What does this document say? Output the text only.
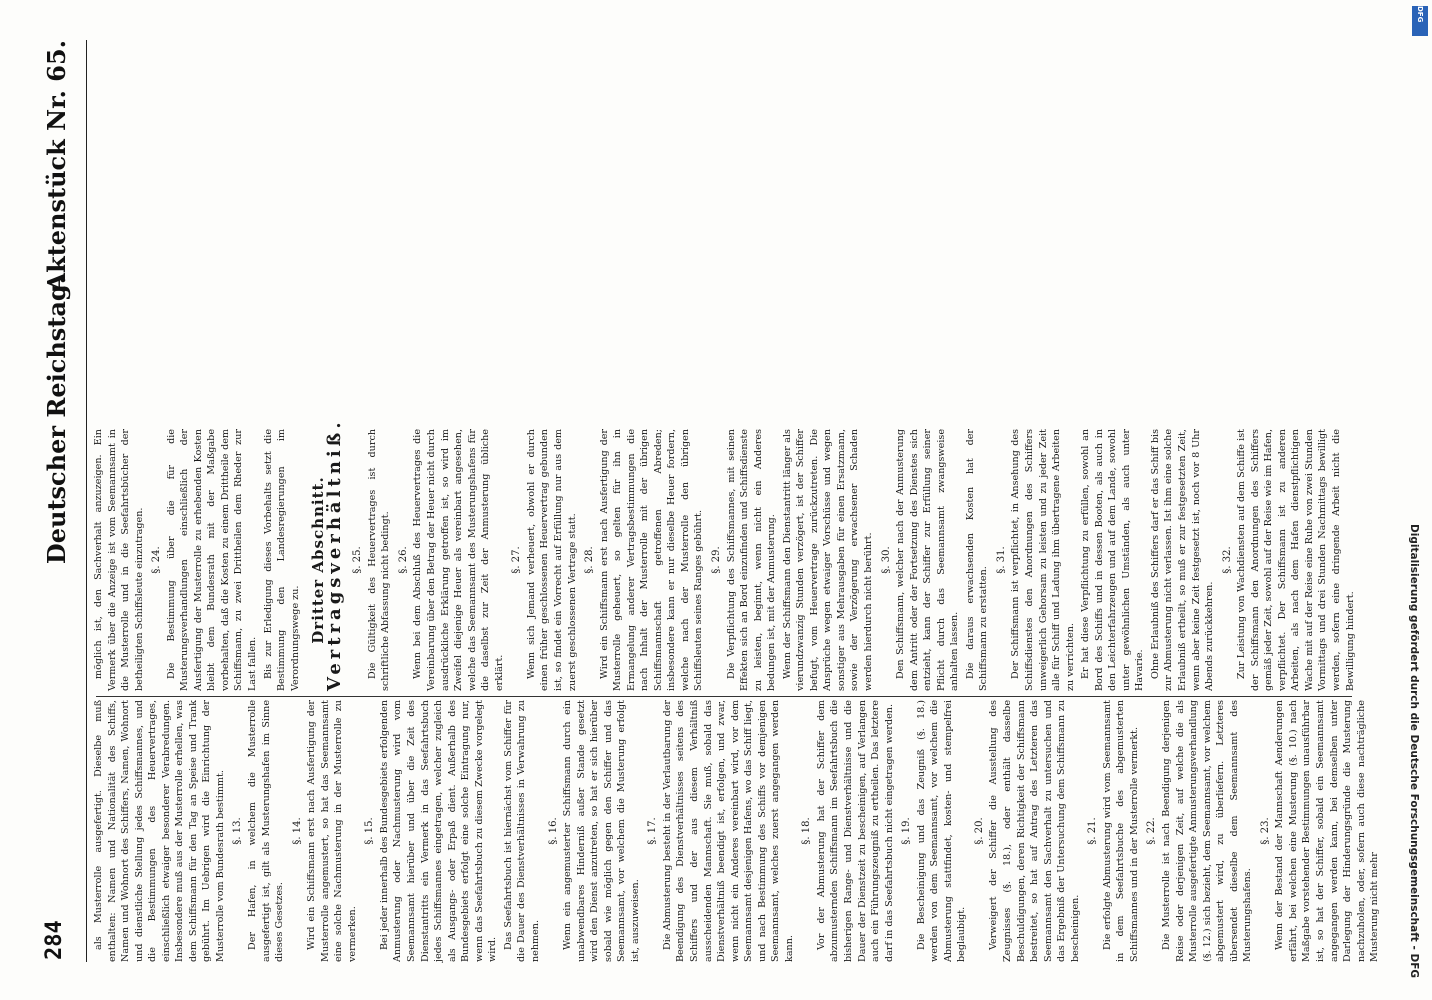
284
Deutscher Reichstag.
Aktenstück Nr. 65.

als Musterrolle ausgefertigt. Dieselbe muß enthalten: Namen und Nationalität des Schiffs, Namen und Wohnort des Schiffers, Namen, Wohnort und dienstliche Stellung jedes Schiffsmannes, und die Bestimmungen des Heuervertrages, einschließlich etwaiger besonderer Verabredungen. Insbesondere muß aus der Musterrolle erhellen, was dem Schiffsmann für den Tag an Speise und Trank gebührt. Im Uebrigen wird die Einrichtung der Musterrolle vom Bundesrath bestimmt. §. 13. Der Hafen, in welchem die Musterrolle ausgefertigt ist, gilt als Musterungshafen im Sinne dieses Gesetzes.

§. 14. Wird ein Schiffsmann erst nach Ausfertigung der Musterrolle angemustert, so hat das Seemannsamt eine solche Nachmusterung in der Musterrolle zu vermerken.

§. 15. Bei jeder innerhalb des Bundesgebiets erfolgenden Anmusterung oder Nachmusterung wird vom Seemannsamt hierüber und über die Zeit des Dienstantritts ein Vermerk in das Seefahrtsbuch jedes Schiffsmannes eingetragen, welcher zugleich als Ausgangs- oder Erpaß dient. Außerhalb des Bundesgebiets erfolgt eine solche Eintragung nur, wenn das Seefahrtsbuch zu diesem Zwecke vorgelegt wird. Das Seefahrtsbuch ist hiernächst vom Schiffer für die Dauer des Dienstverhältnisses in Verwahrung zu nehmen.

§. 16. Wenn ein angemusterter Schiffsmann durch ein unabwendbares Hinderniß außer Stande gesetzt wird den Dienst anzutreten, so hat er sich hierüber sobald wie möglich gegen den Schiffer und das Seemannsamt, vor welchem die Musterung erfolgt ist, auszuweisen.

§. 17. Die Abmusterung besteht in der Verlautbarung der Beendigung des Dienstverhältnisses seitens des Schiffers und der aus diesem Verhältniß ausscheidenden Mannschaft. Sie muß, sobald das Dienstverhältniß beendigt ist, erfolgen, und zwar, wenn nicht ein Anderes vereinbart wird, vor dem Seemannsamt desjenigen Hafens, wo das Schiff liegt, und nach Bestimmung des Schiffs vor demjenigen Seemannsamt, welches zuerst angegangen werden kann.

§. 18. Vor der Abmusterung hat der Schiffer dem abzumusternden Schiffsmann im Seefahrtsbuch die bisherigen Range- und Dienstverhältnisse und die Dauer der Dienstzeit zu bescheinigen, auf Verlangen auch ein Führungszeugniß zu ertheilen. Das letztere darf in das Seefahrtsbuch nicht eingetragen werden. §. 19. Die Bescheinigung und das Zeugniß (§. 18.) werden von dem Seemannsamt, vor welchem die Abmusterung stattfindet, kosten- und stempelfrei beglaubigt.

§. 20. Verweigert der Schiffer die Ausstellung des Zeugnisses (§. 18.), oder enthält dasselbe Beschuldigungen, deren Richtigkeit der Schiffsmann bestreitet, so hat auf Antrag des Letzteren das Seemannsamt den Sachverhalt zu untersuchen und das Ergebniß der Untersuchung dem Schiffsmann zu bescheinigen.

§. 21. Die erfolgte Abmusterung wird vom Seemannsamt in dem Seefahrtsbuche des abgemusterten Schiffsmannes und in der Musterrolle vermerkt. §. 22. Die Musterrolle ist nach Beendigung derjenigen Reise oder derjenigen Zeit, auf welche die als Musterrolle ausgefertigte Anmusterungsverhandlung (§. 12.) sich bezieht, dem Seemannsamt, vor welchem abgemustert wird, zu überliefern. Letzteres übersendet dieselbe dem Seemannsamt des Musterungshafens.

§. 23. Wenn der Bestand der Mannschaft Aenderungen erfährt, bei welchen eine Musterung (§. 10.) nach Maßgabe vorstehender Bestimmungen unausführbar ist, so hat der Schiffer, sobald ein Seemannsamt angegangen werden kann, bei demselben unter Darlegung der Hinderungsgründe die Musterung nachzuholen, oder, sofern auch diese nachträgliche Musterung nicht mehr

möglich ist, den Sachverhalt anzuzeigen. Ein Vermerk über die Anzeige ist vom Seemannsamt in die Musterrolle und in die Seefahrtsbücher der betheiligten Schiffsleute einzutragen. §. 24. Die Bestimmung über die für die Musterungsverhandlungen einschließlich der Ausfertigung der Musterrolle zu erhebenden Kosten bleibt dem Bundesrath mit der Maßgabe vorbehalten, daß die Kosten zu einem Drittheile dem Schiffsmann, zu zwei Drittheilen dem Rheder zur Last fallen. Bis zur Erledigung dieses Vorbehalts setzt die Bestimmung den Landesregierungen im Verordnungswege zu. Dritter Abschnitt.

Vertragsverhältniß. §. 25. Die Gültigkeit des Heuervertrages ist durch schriftliche Abfassung nicht bedingt. §. 26. Wenn bei dem Abschluß des Heuervertrages die Vereinbarung über den Betrag der Heuer nicht durch ausdrückliche Erklärung getroffen ist, so wird im Zweifel diejenige Heuer als vereinbart angesehen, welche das Seemannsamt des Musterungshafens für die daselbst zur Zeit der Anmusterung übliche erklärt.

§. 27. Wenn sich Jemand verheuert, obwohl er durch einen früher geschlossenen Heuervertrag gebunden ist, so findet ein Vorrecht auf Erfüllung nur aus dem zuerst geschlossenen Vertrage statt. §. 28. Wird ein Schiffsmann erst nach Ausfertigung der Musterrolle geheuert, so gelten für ihn in Ermangelung anderer Vertragsbestimmungen die nach Inhalt der Musterrolle mit der übrigen Schiffsmannschaft getroffenen Abreden; insbesondere kann er nur dieselbe Heuer fordern, welche nach der Musterrolle den übrigen Schiffsleuten seines Ranges gebührt. §. 29. Die Verpflichtung des Schiffsmannes, mit seinen Effekten sich an Bord einzufinden und Schiffsdienste zu leisten, beginnt, wenn nicht ein Anderes bedungen ist, mit der Anmusterung. Wenn der Schiffsmann den Dienstantritt länger als vierundzwanzig Stunden verzögert, ist der Schiffer befugt, vom Heuervertrage zurückzutreten. Die Ansprüche wegen etwaiger Vorschüsse und wegen sonstiger aus Mehrausgaben für einen Ersatzmann, sowie der Verzögerung erwachsener Schaden werden hierdurch nicht berührt. §. 30. Den Schiffsmann, welcher nach der Anmusterung dem Antritt oder der Fortsetzung des Dienstes sich entzieht, kann der Schiffer zur Erfüllung seiner Pflicht durch das Seemannsamt zwangsweise anhalten lassen. Die daraus erwachsenden Kosten hat der Schiffsmann zu erstatten.

§. 31. Der Schiffsmann ist verpflichtet, in Ansehung des Schiffsdienstes den Anordnungen des Schiffers unweigerlich Gehorsam zu leisten und zu jeder Zeit alle für Schiff und Ladung ihm übertragene Arbeiten zu verrichten. Er hat diese Verpflichtung zu erfüllen, sowohl an Bord des Schiffs und in dessen Booten, als auch in den Leichterfahrzeugen und auf dem Lande, sowohl unter gewöhnlichen Umständen, als auch unter Havarie. Ohne Erlaubniß des Schiffers darf er das Schiff bis zur Abmusterung nicht verlassen. Ist ihm eine solche Erlaubniß ertheilt, so muß er zur festgesetzten Zeit, wenn aber keine Zeit festgesetzt ist, noch vor 8 Uhr Abends zurückkehren.

§. 32. Zur Leistung von Wachdiensten auf dem Schiffe ist der Schiffsmann den Anordnungen des Schiffers gemäß jeder Zeit, sowohl auf der Reise wie im Hafen, verpflichtet. Der Schiffsmann ist zu anderen Arbeiten, als nach dem Hafen dienstpflichtigen Wache mit auf der Reise eine Ruhe von zwei Stunden Vormittags und drei Stunden Nachmittags bewilligt werden, sofern eine dringende Arbeit nicht die Bewilligung hindert.

DFG
Digitalisierung gefördert durch die Deutsche Forschungsgemeinschaft - DFG
